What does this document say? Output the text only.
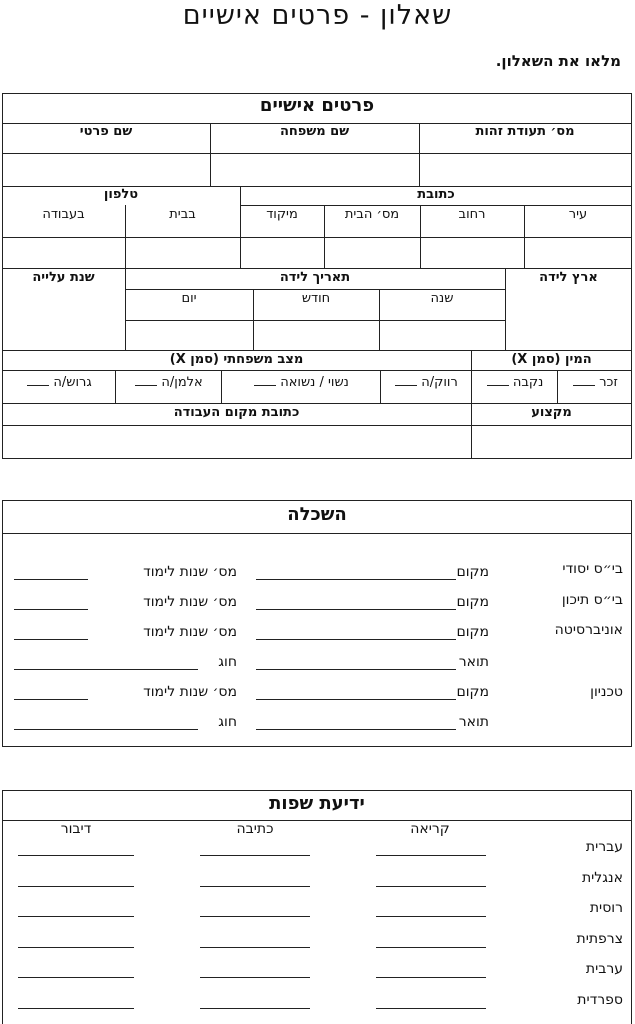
שאלון - פרטים אישיים
מלאו את השאלון.
פרטים אישיים
מס׳ תעודת זהות
שם משפחה
שם פרטי
כתובת
טלפון
עיר
רחוב
מס׳ הבית
מיקוד
בבית
בעבודה
ארץ לידה
תאריך לידה
שנת עלייה
שנה
חודש
יום
המין (סמן X)
מצב משפחתי (סמן X)
זכר
נקבה
רווק/ה
נשוי / נשואה
אלמן/ה
גרוש/ה
מקצוע
כתובת מקום העבודה
השכלה
בי״ס יסודי
מקום
מס׳ שנות לימוד
בי״ס תיכון
מקום
מס׳ שנות לימוד
אוניברסיטה
מקום
מס׳ שנות לימוד
תואר
חוג
טכניון
מקום
מס׳ שנות לימוד
תואר
חוג
ידיעת שפות
קריאה
כתיבה
דיבור
עברית
אנגלית
רוסית
צרפתית
ערבית
ספרדית
